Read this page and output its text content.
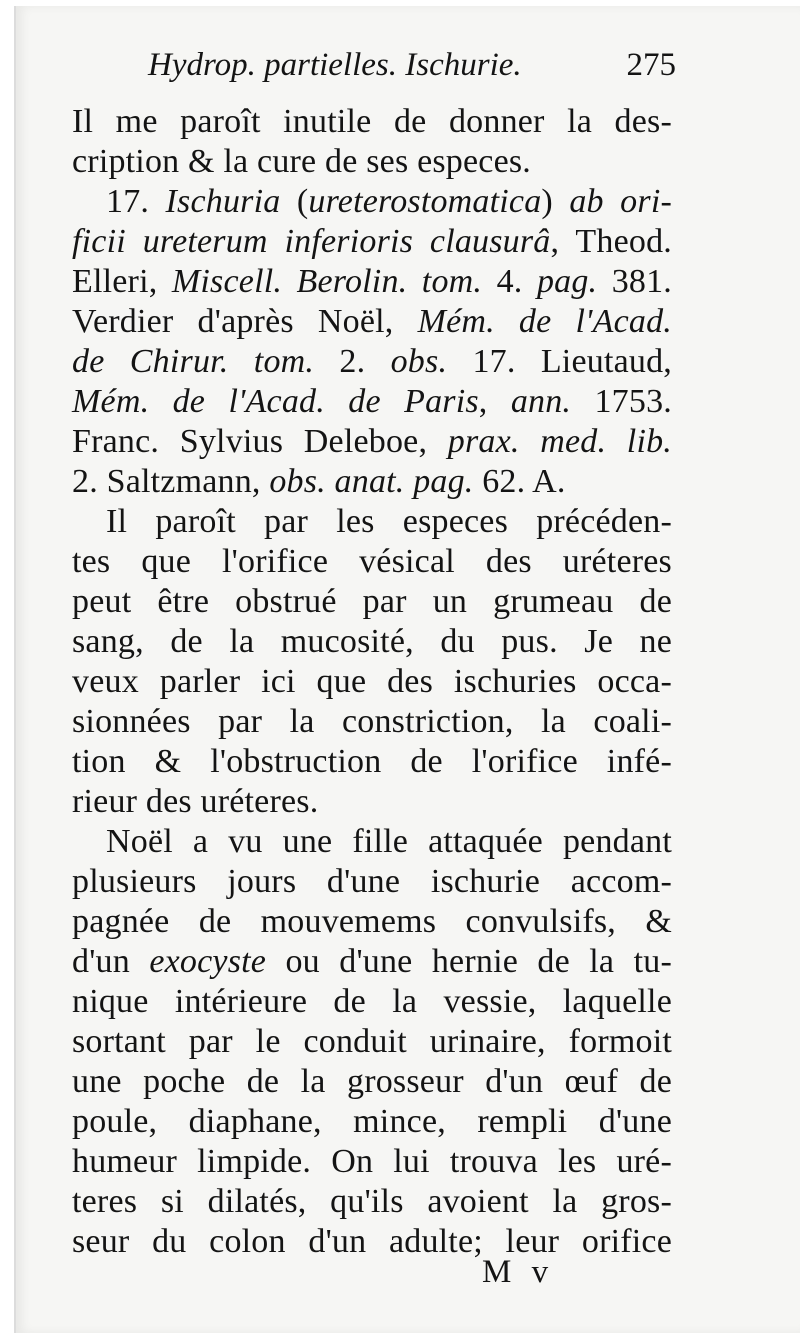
Hydrop. partielles. Ischurie.	275
Il me paroît inutile de donner la des-
cription & la cure de ses especes.
17. Ischuria (ureterostomatica) ab ori-
ficii ureterum inferioris clausurâ, Theod.
Elleri, Miscell. Berolin. tom. 4. pag. 381.
Verdier d'après Noël, Mém. de l'Acad.
de Chirur. tom. 2. obs. 17. Lieutaud,
Mém. de l'Acad. de Paris, ann. 1753.
Franc. Sylvius Deleboe, prax. med. lib.
2. Saltzmann, obs. anat. pag. 62. A.
Il paroît par les especes précéden-
tes que l'orifice vésical des uréteres
peut être obstrué par un grumeau de
sang, de la mucosité, du pus. Je ne
veux parler ici que des ischuries occa-
sionnées par la constriction, la coali-
tion & l'obstruction de l'orifice infé-
rieur des uréteres.
Noël a vu une fille attaquée pendant
plusieurs jours d'une ischurie accom-
pagnée de mouvemems convulsifs, &
d'un exocyste ou d'une hernie de la tu-
nique intérieure de la vessie, laquelle
sortant par le conduit urinaire, formoit
une poche de la grosseur d'un œuf de
poule, diaphane, mince, rempli d'une
humeur limpide. On lui trouva les uré-
teres si dilatés, qu'ils avoient la gros-
seur du colon d'un adulte; leur orifice
M v
